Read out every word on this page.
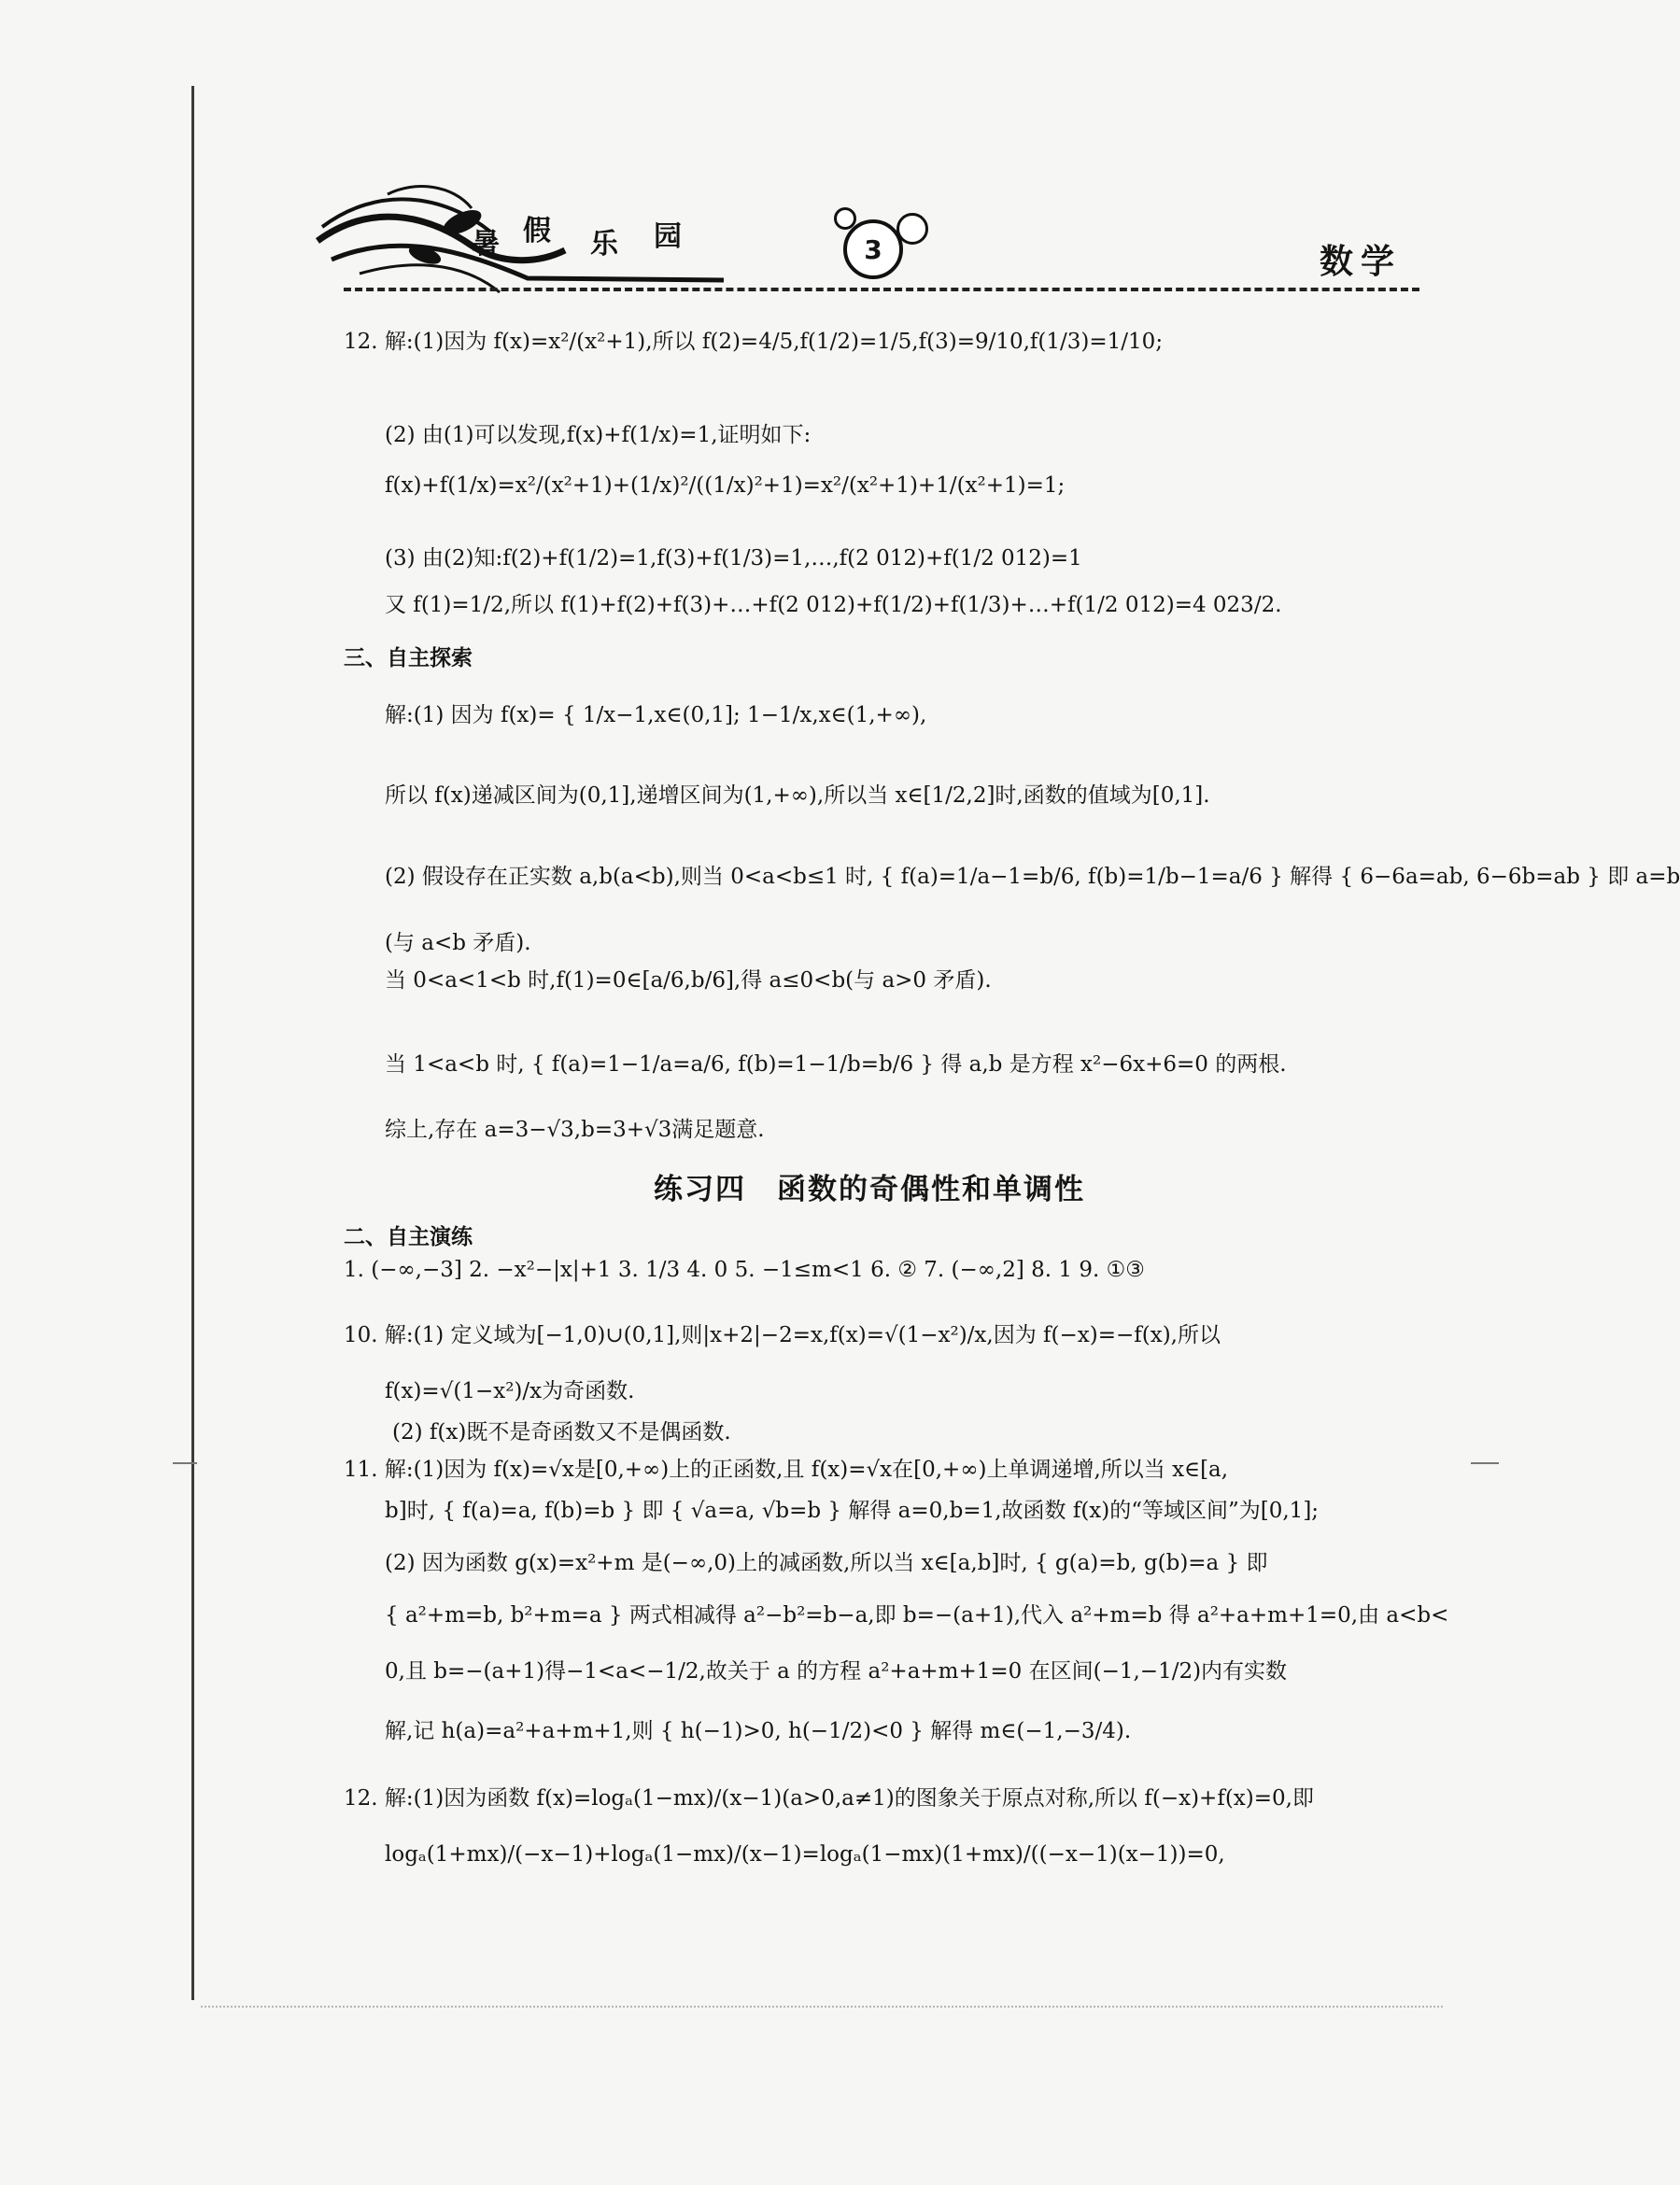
暑 假 乐 园	3	数学
12. 解:(1)因为 f(x)=x²/(x²+1),所以 f(2)=4/5,f(1/2)=1/5,f(3)=9/10,f(1/3)=1/10;
(2) 由(1)可以发现,f(x)+f(1/x)=1,证明如下:
f(x)+f(1/x)=x²/(x²+1)+(1/x)²/((1/x)²+1)=x²/(x²+1)+1/(x²+1)=1;
(3) 由(2)知:f(2)+f(1/2)=1,f(3)+f(1/3)=1,…,f(2 012)+f(1/2 012)=1
又 f(1)=1/2,所以 f(1)+f(2)+f(3)+…+f(2 012)+f(1/2)+f(1/3)+…+f(1/2 012)=4 023/2.
三、自主探索
解:(1) 因为 f(x)= { 1/x−1,x∈(0,1]; 1−1/x,x∈(1,+∞),
所以 f(x)递减区间为(0,1],递增区间为(1,+∞),所以当 x∈[1/2,2]时,函数的值域为[0,1].
(2) 假设存在正实数 a,b(a<b),则当 0<a<b≤1 时, { f(a)=1/a−1=b/6, f(b)=1/b−1=a/6 } 解得 { 6−6a=ab, 6−6b=ab } 即 a=b
(与 a<b 矛盾).
当 0<a<1<b 时,f(1)=0∈[a/6,b/6],得 a≤0<b(与 a>0 矛盾).
当 1<a<b 时, { f(a)=1−1/a=a/6, f(b)=1−1/b=b/6 } 得 a,b 是方程 x²−6x+6=0 的两根.
综上,存在 a=3−√3,b=3+√3满足题意.
练习四　函数的奇偶性和单调性
二、自主演练
1. (−∞,−3] 2. −x²−|x|+1 3. 1/3 4. 0 5. −1≤m<1 6. ② 7. (−∞,2] 8. 1 9. ①③
10. 解:(1) 定义域为[−1,0)∪(0,1],则|x+2|−2=x,f(x)=√(1−x²)/x,因为 f(−x)=−f(x),所以
f(x)=√(1−x²)/x为奇函数.
(2) f(x)既不是奇函数又不是偶函数.
11. 解:(1)因为 f(x)=√x是[0,+∞)上的正函数,且 f(x)=√x在[0,+∞)上单调递增,所以当 x∈[a,
b]时, { f(a)=a, f(b)=b } 即 { √a=a, √b=b } 解得 a=0,b=1,故函数 f(x)的“等域区间”为[0,1];
(2) 因为函数 g(x)=x²+m 是(−∞,0)上的减函数,所以当 x∈[a,b]时, { g(a)=b, g(b)=a } 即
{ a²+m=b, b²+m=a } 两式相减得 a²−b²=b−a,即 b=−(a+1),代入 a²+m=b 得 a²+a+m+1=0,由 a<b<
0,且 b=−(a+1)得−1<a<−1/2,故关于 a 的方程 a²+a+m+1=0 在区间(−1,−1/2)内有实数
解,记 h(a)=a²+a+m+1,则 { h(−1)>0, h(−1/2)<0 } 解得 m∈(−1,−3/4).
12. 解:(1)因为函数 f(x)=logₐ(1−mx)/(x−1)(a>0,a≠1)的图象关于原点对称,所以 f(−x)+f(x)=0,即
logₐ(1+mx)/(−x−1)+logₐ(1−mx)/(x−1)=logₐ(1−mx)(1+mx)/((−x−1)(x−1))=0,
